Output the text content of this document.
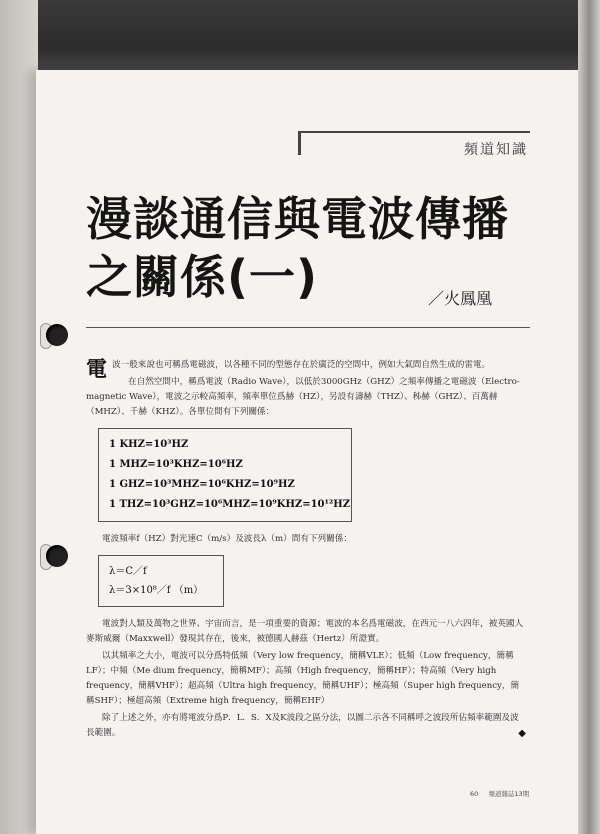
頻道知識
漫談通信與電波傳播
之關係(一)	／火鳳凰

電波一般來說也可稱爲電磁波，以各種不同的型態存在於廣泛的空間中，例如大氣間自然生成的雷電。

在自然空間中，稱爲電波（Radio Wave），以低於3000GHz（GHZ）之頻率傳播之電磁波（Electro-magnetic Wave），電波之示較高頻率，頻率單位爲赫（HZ），另設有濤赫（THZ）、秭赫（GHZ）、百萬赫（MHZ）、千赫（KHZ）。各單位間有下列關係：

1 KHZ=10³HZ
1 MHZ=10³KHZ=10⁶HZ
1 GHZ=10³MHZ=10⁶KHZ=10⁹HZ
1 THZ=10³GHZ=10⁶MHZ=10⁹KHZ=10¹²HZ

電波頻率f（HZ）對光速C（m/s）及波長λ（m）間有下列關係：

λ＝C／f
λ＝3×10⁸／f （m）

電波對人類及萬物之世界、宇宙而言，是一項重要的資源；電波的本名爲電磁波，在西元一八六四年，被英國人麥斯威爾（Maxxwell）發現其存在，後來，被德國人赫茲（Hertz）所證實。

以其頻率之大小，電波可以分爲特低頻（Very low frequency，簡稱VLE）；低頻（Low frequency，簡稱LF）；中頻（Me dium frequency，簡稱MF）；高頻（High frequency，簡稱HF）；特高頻（Very high frequency，簡稱VHF）；超高頻（Ultra high frequency，簡稱UHF）；極高頻（Super high frequency，簡稱SHF）；極超高頻（Extreme high frequency，簡稱EHF）

除了上述之外，亦有將電波分爲P．L．S．X及K波段之區分法，以圖二示各不同稱呼之波段所佔頻率範圍及波長範圍。	◆

60 頻道雜誌13期
